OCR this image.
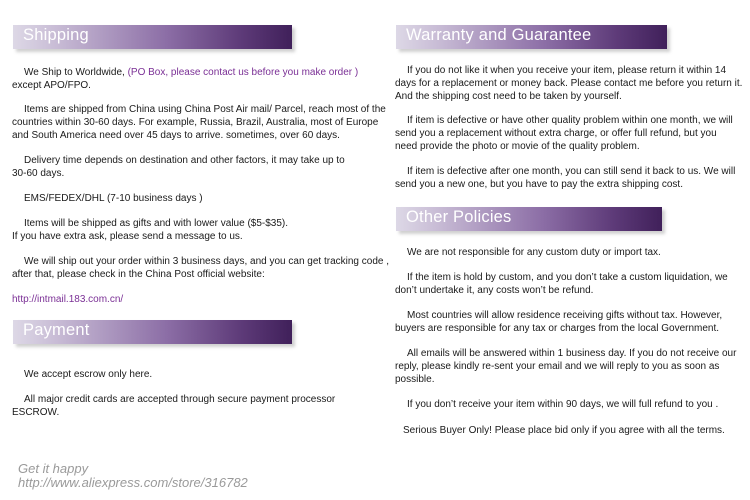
Shipping
We Ship to Worldwide, (PO Box, please contact us before you make order )
except APO/FPO.
Items are shipped from China using China Post Air mail/ Parcel, reach most of the
countries within 30-60 days. For example, Russia, Brazil, Australia, most of Europe
and South America need over 45 days to arrive. sometimes, over 60 days.
Delivery time depends on destination and other factors, it may take up to
30-60 days.
EMS/FEDEX/DHL (7-10 business days )
Items will be shipped as gifts and with lower value ($5-$35).
If you have extra ask, please send a message to us.
We will ship out your order within 3 business days, and you can get tracking code ,
after that, please check in the China Post official website:
http://intmail.183.com.cn/
Payment
We accept escrow only here.
All major credit cards are accepted through secure payment processor
ESCROW.
Warranty and Guarantee
If you do not like it when you receive your item, please return it within 14
days for a replacement or money back. Please contact me before you return it.
And the shipping cost need to be taken by yourself.
If item is defective or have other quality problem within one month, we will
send you a replacement without extra charge, or offer full refund, but you
need provide the photo or movie of the quality problem.
If item is defective after one month, you can still send it back to us. We will
send you a new one, but you have to pay the extra shipping cost.
Other Policies
We are not responsible for any custom duty or import tax.
If the item is hold by custom, and you don’t take a custom liquidation, we
don’t undertake it, any costs won’t be refund.
Most countries will allow residence receiving gifts without tax. However,
buyers are responsible for any tax or charges from the local Government.
All emails will be answered within 1 business day. If you do not receive our
reply, please kindly re-sent your email and we will reply to you as soon as
possible.
If you don’t receive your item within 90 days, we will full refund to you .
Serious Buyer Only! Please place bid only if you agree with all the terms.
Get it happy
http://www.aliexpress.com/store/316782
